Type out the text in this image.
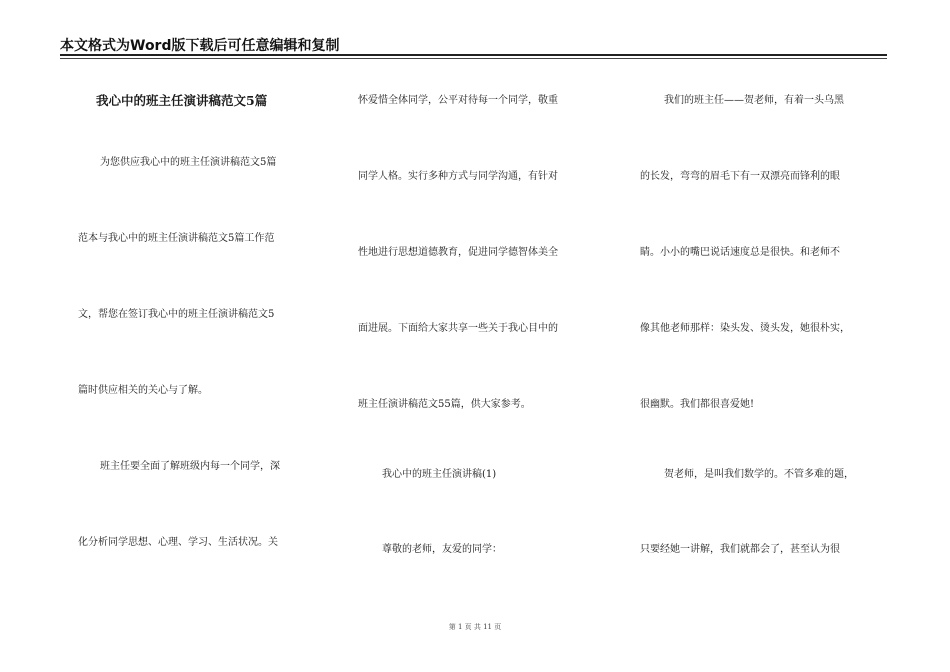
本文格式为Word版下载后可任意编辑和复制
我心中的班主任演讲稿范文5篇
为您供应我心中的班主任演讲稿范文5篇
范本与我心中的班主任演讲稿范文5篇工作范
文，帮您在签订我心中的班主任演讲稿范文5
篇时供应相关的关心与了解。
班主任要全面了解班级内每一个同学，深
化分析同学思想、心理、学习、生活状况。关
怀爱惜全体同学，公平对待每一个同学，敬重
同学人格。实行多种方式与同学沟通，有针对
性地进行思想道德教育，促进同学德智体美全
面进展。下面给大家共享一些关于我心目中的
班主任演讲稿范文55篇，供大家参考。
我心中的班主任演讲稿(1)
尊敬的老师，友爱的同学：
我们的班主任——贺老师，有着一头乌黑
的长发，弯弯的眉毛下有一双漂亮而锋利的眼
睛。小小的嘴巴说话速度总是很快。和老师不
像其他老师那样：染头发、烫头发，她很朴实，
很幽默。我们都很喜爱她!
贺老师，是叫我们数学的。不管多难的题，
只要经她一讲解，我们就都会了，甚至认为很
第 1 页 共 11 页
